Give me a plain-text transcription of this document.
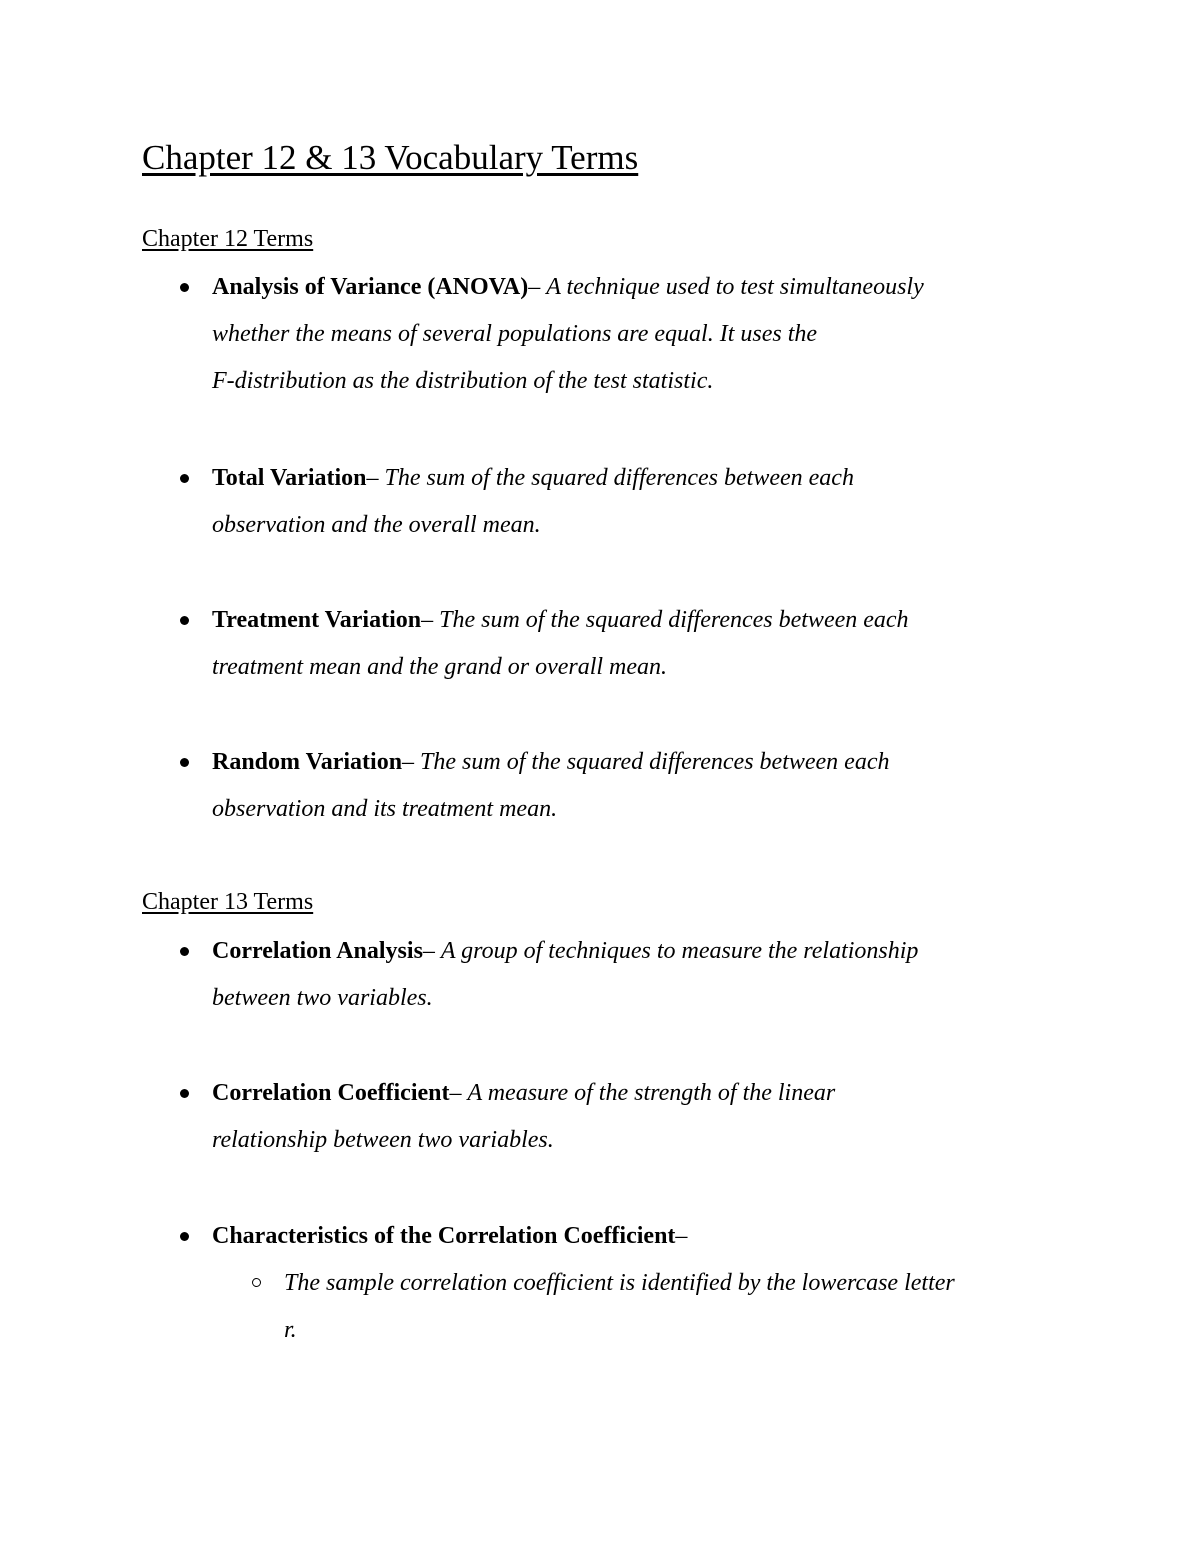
Chapter 12 & 13 Vocabulary Terms
Chapter 12 Terms
Analysis of Variance (ANOVA)– A technique used to test simultaneously
whether the means of several populations are equal. It uses the
F-distribution as the distribution of the test statistic.
Total Variation– The sum of the squared differences between each
observation and the overall mean.
Treatment Variation– The sum of the squared differences between each
treatment mean and the grand or overall mean.
Random Variation– The sum of the squared differences between each
observation and its treatment mean.
Chapter 13 Terms
Correlation Analysis– A group of techniques to measure the relationship
between two variables.
Correlation Coefficient– A measure of the strength of the linear
relationship between two variables.
Characteristics of the Correlation Coefficient–
The sample correlation coefficient is identified by the lowercase letter
r.
